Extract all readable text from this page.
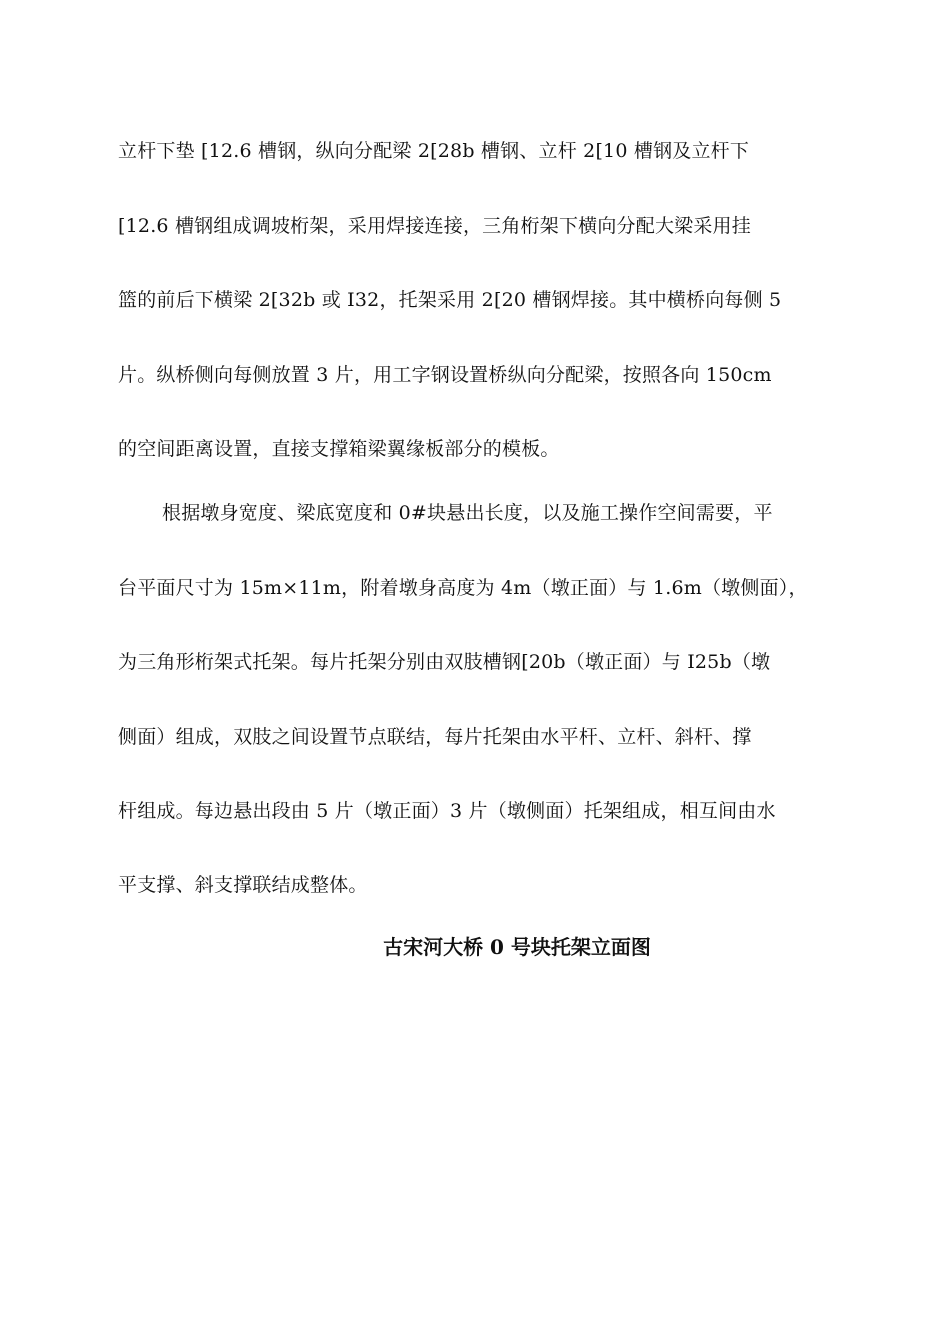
立杆下垫 [12.6 槽钢，纵向分配梁 2[28b 槽钢、立杆 2[10 槽钢及立杆下
[12.6 槽钢组成调坡桁架，采用焊接连接，三角桁架下横向分配大梁采用挂
篮的前后下横梁 2[32b 或 I32，托架采用 2[20 槽钢焊接。其中横桥向每侧 5
片。纵桥侧向每侧放置 3 片，用工字钢设置桥纵向分配梁，按照各向 150cm
的空间距离设置，直接支撑箱梁翼缘板部分的模板。
根据墩身宽度、梁底宽度和 0#块悬出长度，以及施工操作空间需要，平
台平面尺寸为 15m×11m，附着墩身高度为 4m（墩正面）与 1.6m（墩侧面），
为三角形桁架式托架。每片托架分别由双肢槽钢[20b（墩正面）与 I25b（墩
侧面）组成，双肢之间设置节点联结，每片托架由水平杆、立杆、斜杆、撑
杆组成。每边悬出段由 5 片（墩正面）3 片（墩侧面）托架组成，相互间由水
平支撑、斜支撑联结成整体。
古宋河大桥 0 号块托架立面图
